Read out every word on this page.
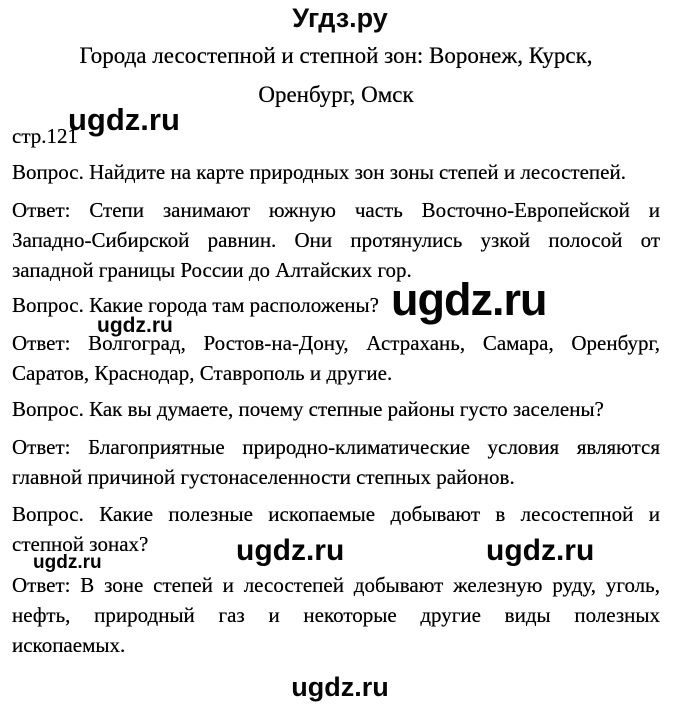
Угдз.ру
Города лесостепной и степной зон: Воронеж, Курск,
Оренбург, Омск
ugdz.ru
стр.121
Вопрос. Найдите на карте природных зон зоны степей и лесостепей.
Ответ: Степи занимают южную часть Восточно-Европейской и
Западно-Сибирской равнин. Они протянулись узкой полосой от
западной границы России до Алтайских гор.
Вопрос. Какие города там расположены? ugdz.ru
ugdz.ru
Ответ: Волгоград, Ростов-на-Дону, Астрахань, Самара, Оренбург,
Саратов, Краснодар, Ставрополь и другие.
Вопрос. Как вы думаете, почему степные районы густо заселены?
Ответ: Благоприятные природно-климатические условия являются
главной причиной густонаселенности степных районов.
Вопрос. Какие полезные ископаемые добывают в лесостепной и
степной зонах?	ugdz.ru	ugdz.ru
ugdz.ru
Ответ: В зоне степей и лесостепей добывают железную руду, уголь,
нефть, природный газ и некоторые другие виды полезных
ископаемых.
ugdz.ru
